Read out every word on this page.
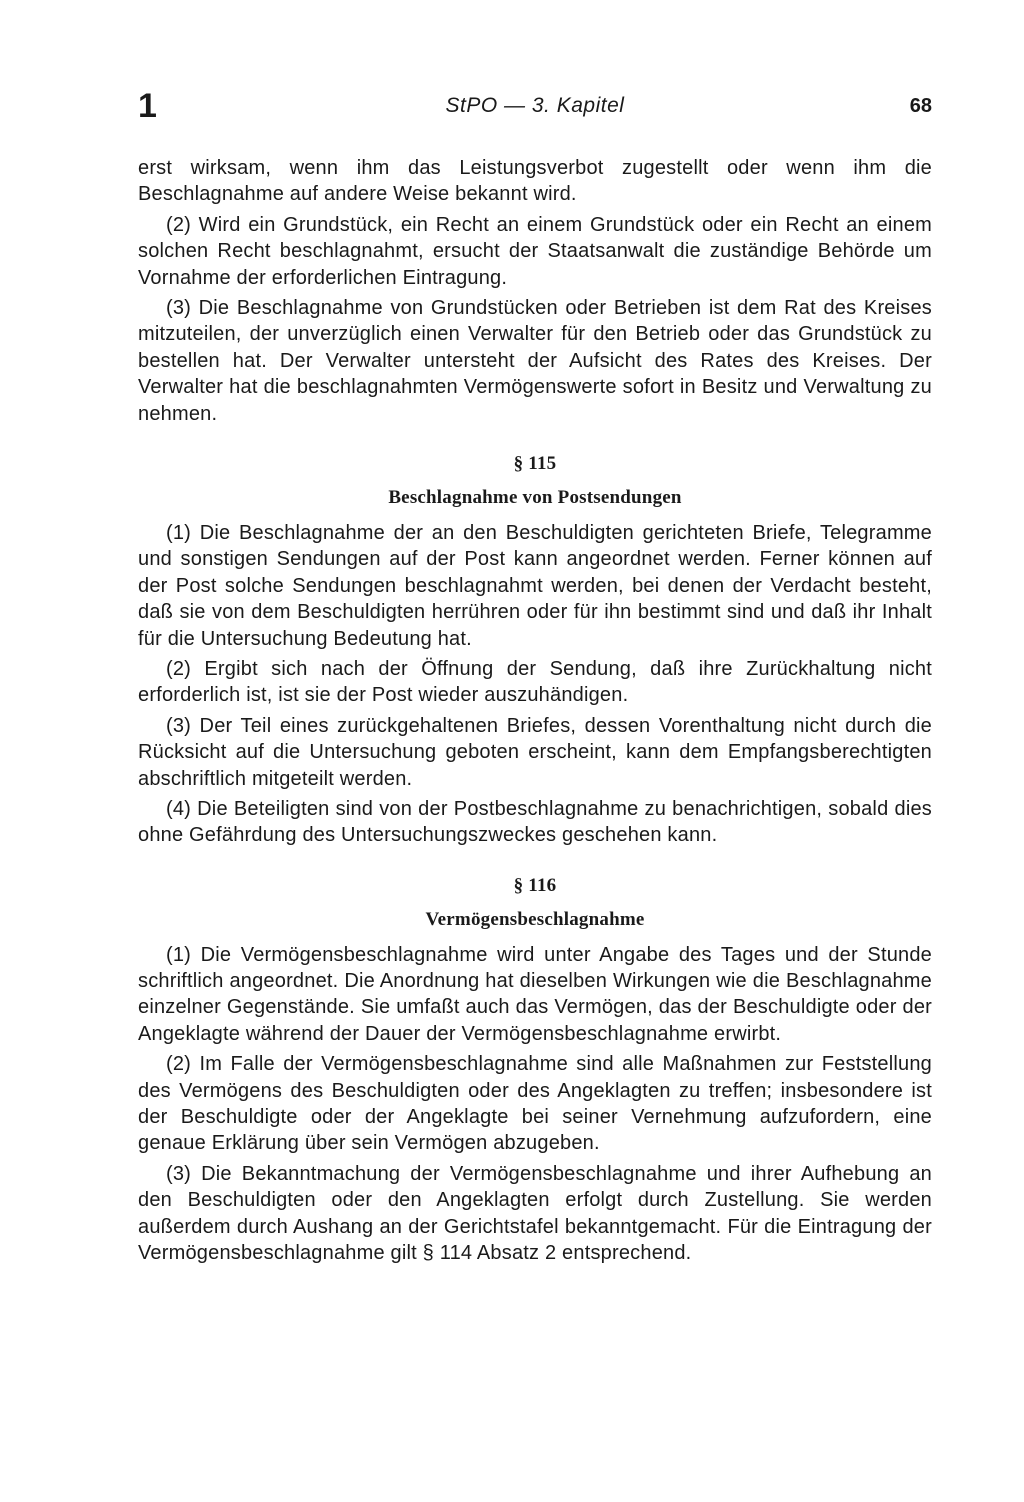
1	StPO — 3. Kapitel	68

erst wirksam, wenn ihm das Leistungsverbot zugestellt oder wenn ihm die Beschlagnahme auf andere Weise bekannt wird.

(2) Wird ein Grundstück, ein Recht an einem Grundstück oder ein Recht an einem solchen Recht beschlagnahmt, ersucht der Staatsanwalt die zuständige Behörde um Vornahme der erforderlichen Eintragung.

(3) Die Beschlagnahme von Grundstücken oder Betrieben ist dem Rat des Kreises mitzuteilen, der unverzüglich einen Verwalter für den Betrieb oder das Grundstück zu bestellen hat. Der Verwalter untersteht der Aufsicht des Rates des Kreises. Der Verwalter hat die beschlagnahmten Vermögenswerte sofort in Besitz und Verwaltung zu nehmen.

§ 115

Beschlagnahme von Postsendungen

(1) Die Beschlagnahme der an den Beschuldigten gerichteten Briefe, Telegramme und sonstigen Sendungen auf der Post kann angeordnet werden. Ferner können auf der Post solche Sendungen beschlagnahmt werden, bei denen der Verdacht besteht, daß sie von dem Beschuldigten herrühren oder für ihn bestimmt sind und daß ihr Inhalt für die Untersuchung Bedeutung hat.

(2) Ergibt sich nach der Öffnung der Sendung, daß ihre Zurückhaltung nicht erforderlich ist, ist sie der Post wieder auszuhändigen.

(3) Der Teil eines zurückgehaltenen Briefes, dessen Vorenthaltung nicht durch die Rücksicht auf die Untersuchung geboten erscheint, kann dem Empfangsberechtigten abschriftlich mitgeteilt werden.

(4) Die Beteiligten sind von der Postbeschlagnahme zu benachrichtigen, sobald dies ohne Gefährdung des Untersuchungszweckes geschehen kann.

§ 116

Vermögensbeschlagnahme

(1) Die Vermögensbeschlagnahme wird unter Angabe des Tages und der Stunde schriftlich angeordnet. Die Anordnung hat dieselben Wirkungen wie die Beschlagnahme einzelner Gegenstände. Sie umfaßt auch das Vermögen, das der Beschuldigte oder der Angeklagte während der Dauer der Vermögensbeschlagnahme erwirbt.

(2) Im Falle der Vermögensbeschlagnahme sind alle Maßnahmen zur Feststellung des Vermögens des Beschuldigten oder des Angeklagten zu treffen; insbesondere ist der Beschuldigte oder der Angeklagte bei seiner Vernehmung aufzufordern, eine genaue Erklärung über sein Vermögen abzugeben.

(3) Die Bekanntmachung der Vermögensbeschlagnahme und ihrer Aufhebung an den Beschuldigten oder den Angeklagten erfolgt durch Zustellung. Sie werden außerdem durch Aushang an der Gerichtstafel bekanntgemacht. Für die Eintragung der Vermögensbeschlagnahme gilt § 114 Absatz 2 entsprechend.
